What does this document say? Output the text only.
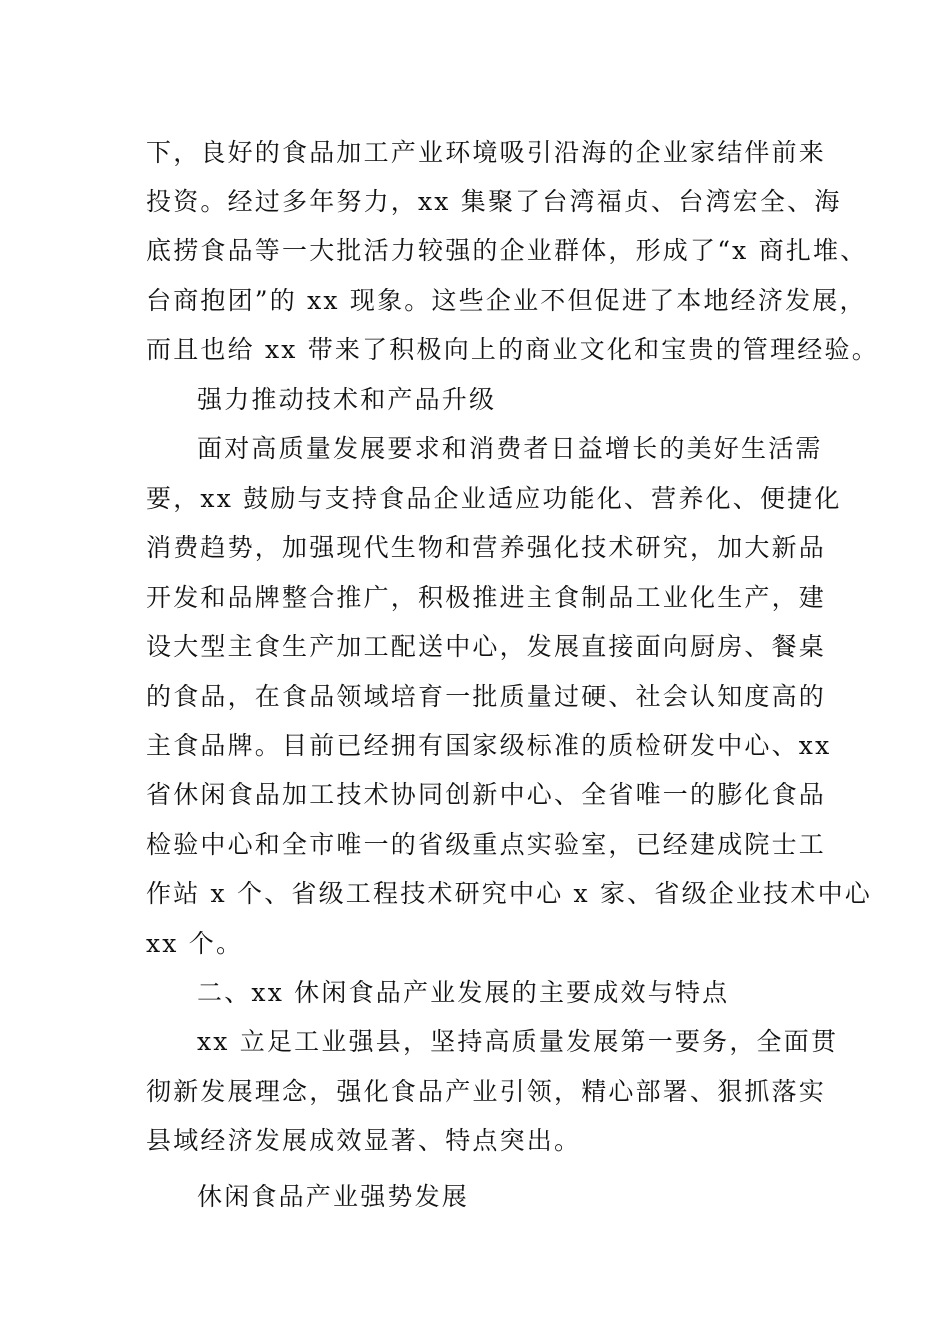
下，良好的食品加工产业环境吸引沿海的企业家结伴前来
投资。经过多年努力，xx 集聚了台湾福贞、台湾宏全、海
底捞食品等一大批活力较强的企业群体，形成了“x 商扎堆、
台商抱团”的 xx 现象。这些企业不但促进了本地经济发展，
而且也给 xx 带来了积极向上的商业文化和宝贵的管理经验。
强力推动技术和产品升级
面对高质量发展要求和消费者日益增长的美好生活需
要，xx 鼓励与支持食品企业适应功能化、营养化、便捷化
消费趋势，加强现代生物和营养强化技术研究，加大新品
开发和品牌整合推广，积极推进主食制品工业化生产，建
设大型主食生产加工配送中心，发展直接面向厨房、餐桌
的食品，在食品领域培育一批质量过硬、社会认知度高的
主食品牌。目前已经拥有国家级标准的质检研发中心、xx
省休闲食品加工技术协同创新中心、全省唯一的膨化食品
检验中心和全市唯一的省级重点实验室，已经建成院士工
作站 x 个、省级工程技术研究中心 x 家、省级企业技术中心
xx 个。
二、xx 休闲食品产业发展的主要成效与特点
xx 立足工业强县，坚持高质量发展第一要务，全面贯
彻新发展理念，强化食品产业引领，精心部署、狠抓落实
县域经济发展成效显著、特点突出。
休闲食品产业强势发展
